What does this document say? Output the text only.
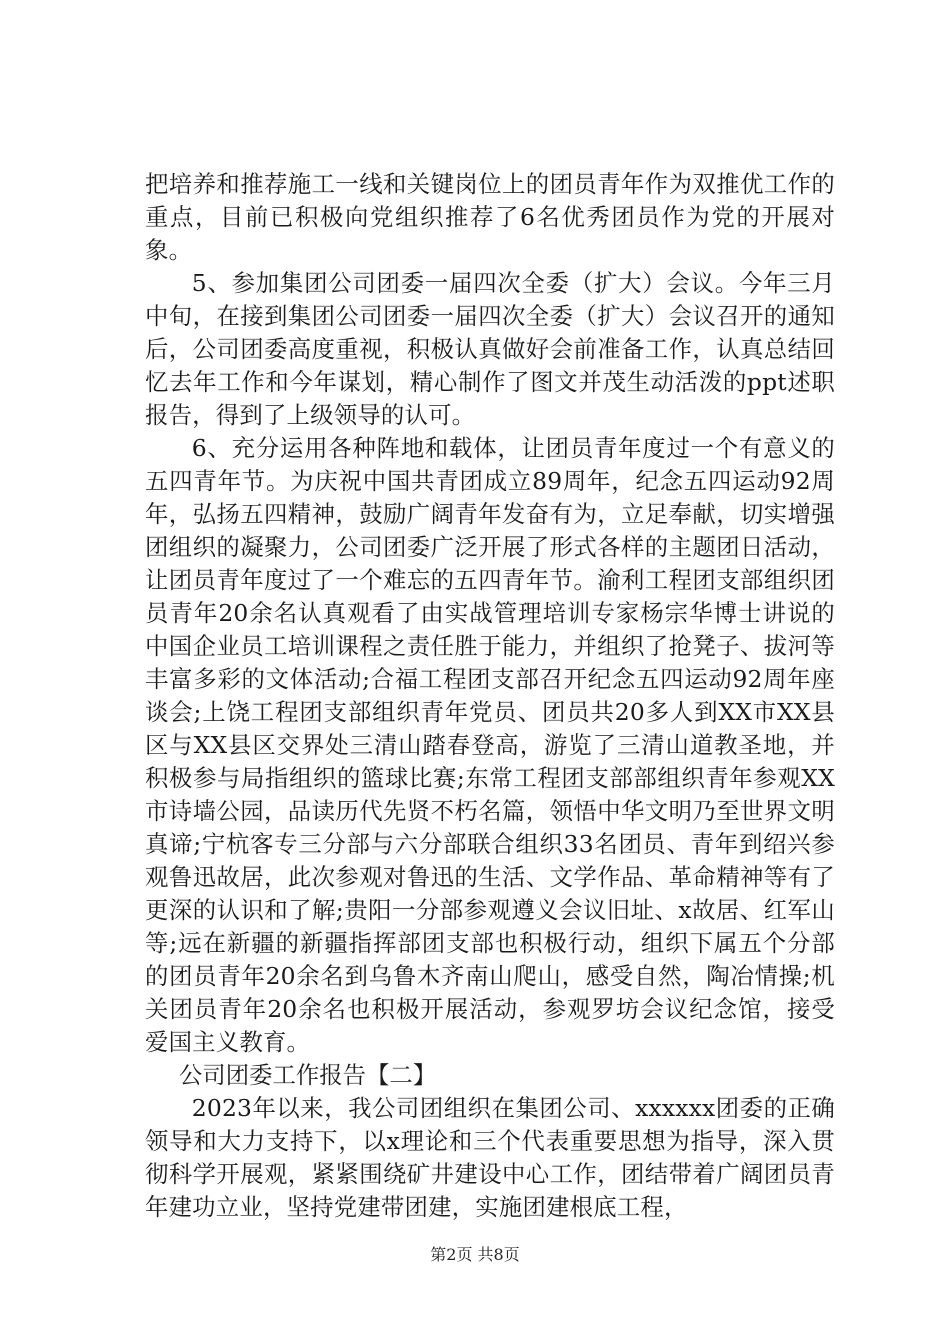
把培养和推荐施工一线和关键岗位上的团员青年作为双推优工作的重点，目前已积极向党组织推荐了6名优秀团员作为党的开展对象。

5、参加集团公司团委一届四次全委（扩大）会议。今年三月中旬，在接到集团公司团委一届四次全委（扩大）会议召开的通知后，公司团委高度重视，积极认真做好会前准备工作，认真总结回忆去年工作和今年谋划，精心制作了图文并茂生动活泼的ppt述职报告，得到了上级领导的认可。

6、充分运用各种阵地和载体，让团员青年度过一个有意义的五四青年节。为庆祝中国共青团成立89周年，纪念五四运动92周年，弘扬五四精神，鼓励广阔青年发奋有为，立足奉献，切实增强团组织的凝聚力，公司团委广泛开展了形式各样的主题团日活动，让团员青年度过了一个难忘的五四青年节。渝利工程团支部组织团员青年20余名认真观看了由实战管理培训专家杨宗华博士讲说的中国企业员工培训课程之责任胜于能力，并组织了抢凳子、拔河等丰富多彩的文体活动;合福工程团支部召开纪念五四运动92周年座谈会;上饶工程团支部组织青年党员、团员共20多人到XX市XX县区与XX县区交界处三清山踏春登高，游览了三清山道教圣地，并积极参与局指组织的篮球比赛;东常工程团支部部组织青年参观XX市诗墙公园，品读历代先贤不朽名篇，领悟中华文明乃至世界文明真谛;宁杭客专三分部与六分部联合组织33名团员、青年到绍兴参观鲁迅故居，此次参观对鲁迅的生活、文学作品、革命精神等有了更深的认识和了解;贵阳一分部参观遵义会议旧址、x故居、红军山等;远在新疆的新疆指挥部团支部也积极行动，组织下属五个分部的团员青年20余名到乌鲁木齐南山爬山，感受自然，陶冶情操;机关团员青年20余名也积极开展活动，参观罗坊会议纪念馆，接受爱国主义教育。

公司团委工作报告【二】

2023年以来，我公司团组织在集团公司、xxxxxx团委的正确领导和大力支持下，以x理论和三个代表重要思想为指导，深入贯彻科学开展观，紧紧围绕矿井建设中心工作，团结带着广阔团员青年建功立业，坚持党建带团建，实施团建根底工程，

第2页 共8页
